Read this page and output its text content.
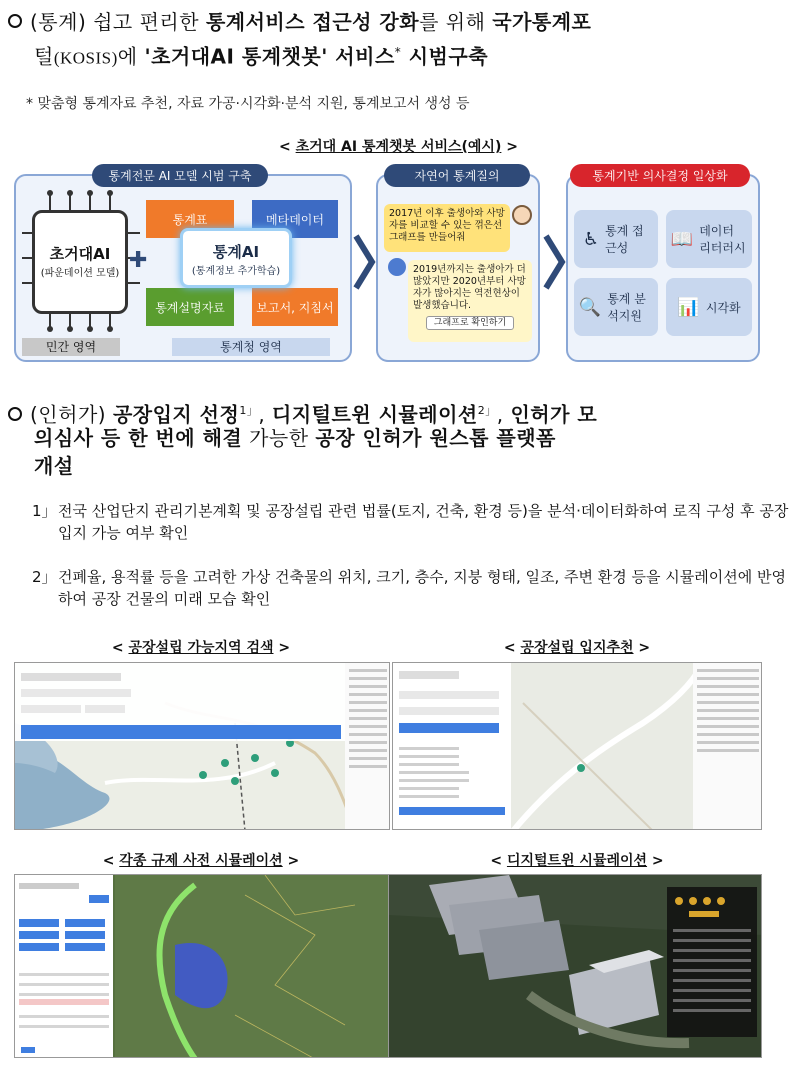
(통계) 쉽고 편리한 통계서비스 접근성 강화를 위해 국가통계포
털(KOSIS)에 '초거대AI 통계챗봇' 서비스* 시범구축
* 맞춤형 통계자료 추천, 자료 가공·시각화·분석 지원, 통계보고서 생성 등
< 초거대 AI 통계챗봇 서비스(예시) >
통계전문 AI 모델 시범 구축
초거대AI
(파운데이션 모델)
✚
통계표	메타데이터
통계설명자료	보고서, 지침서
통계AI
(통계정보 추가학습)
민간 영역	통계청 영역
자연어 통계질의
2017년 이후 출생아와 사망자를 비교할 수 있는 꺾은선 그래프를 만들어줘
2019년까지는 출생아가 더 많았지만 2020년부터 사망자가 많아지는 역전현상이 발생했습니다.
그래프로 확인하기
통계기반 의사결정 일상화
♿ 통계 접근성	📖 데이터 리터러시
🔍 통계 분석지원	📊 시각화
(인허가) 공장입지 선정$^{1」}$, 디지털트윈 시뮬레이션$^{2」}$, 인허가 모
의심사 등 한 번에 해결 가능한 공장 인허가 원스톱 플랫폼
개설
1」 전국 산업단지 관리기본계획 및 공장설립 관련 법률(토지, 건축, 환경 등)을 분석·데이터화하여 로직 구성 후 공장입지 가능 여부 확인
2」 건폐율, 용적률 등을 고려한 가상 건축물의 위치, 크기, 층수, 지붕 형태, 일조, 주변 환경 등을 시뮬레이션에 반영하여 공장 건물의 미래 모습 확인
< 공장설립 가능지역 검색 >	< 공장설립 입지추천 >
< 각종 규제 사전 시뮬레이션 >	< 디지털트윈 시뮬레이션 >
